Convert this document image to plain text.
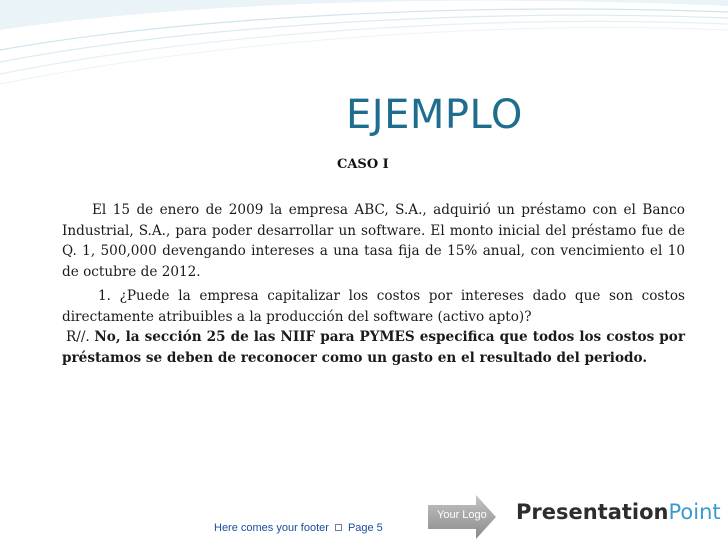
EJEMPLO
CASO I

El 15 de enero de 2009 la empresa ABC, S.A., adquirió un préstamo con el Banco Industrial, S.A., para poder desarrollar un software. El monto inicial del préstamo fue de Q. 1, 500,000 devengando intereses a una tasa fija de 15% anual, con vencimiento el 10 de octubre de 2012.

1. ¿Puede la empresa capitalizar los costos por intereses dado que son costos directamente atribuibles a la producción del software (activo apto)?

R//. No, la sección 25 de las NIIF para PYMES especifica que todos los costos por préstamos se deben de reconocer como un gasto en el resultado del periodo.

Here comes your footer Page 5
Your Logo PresentationPoint
